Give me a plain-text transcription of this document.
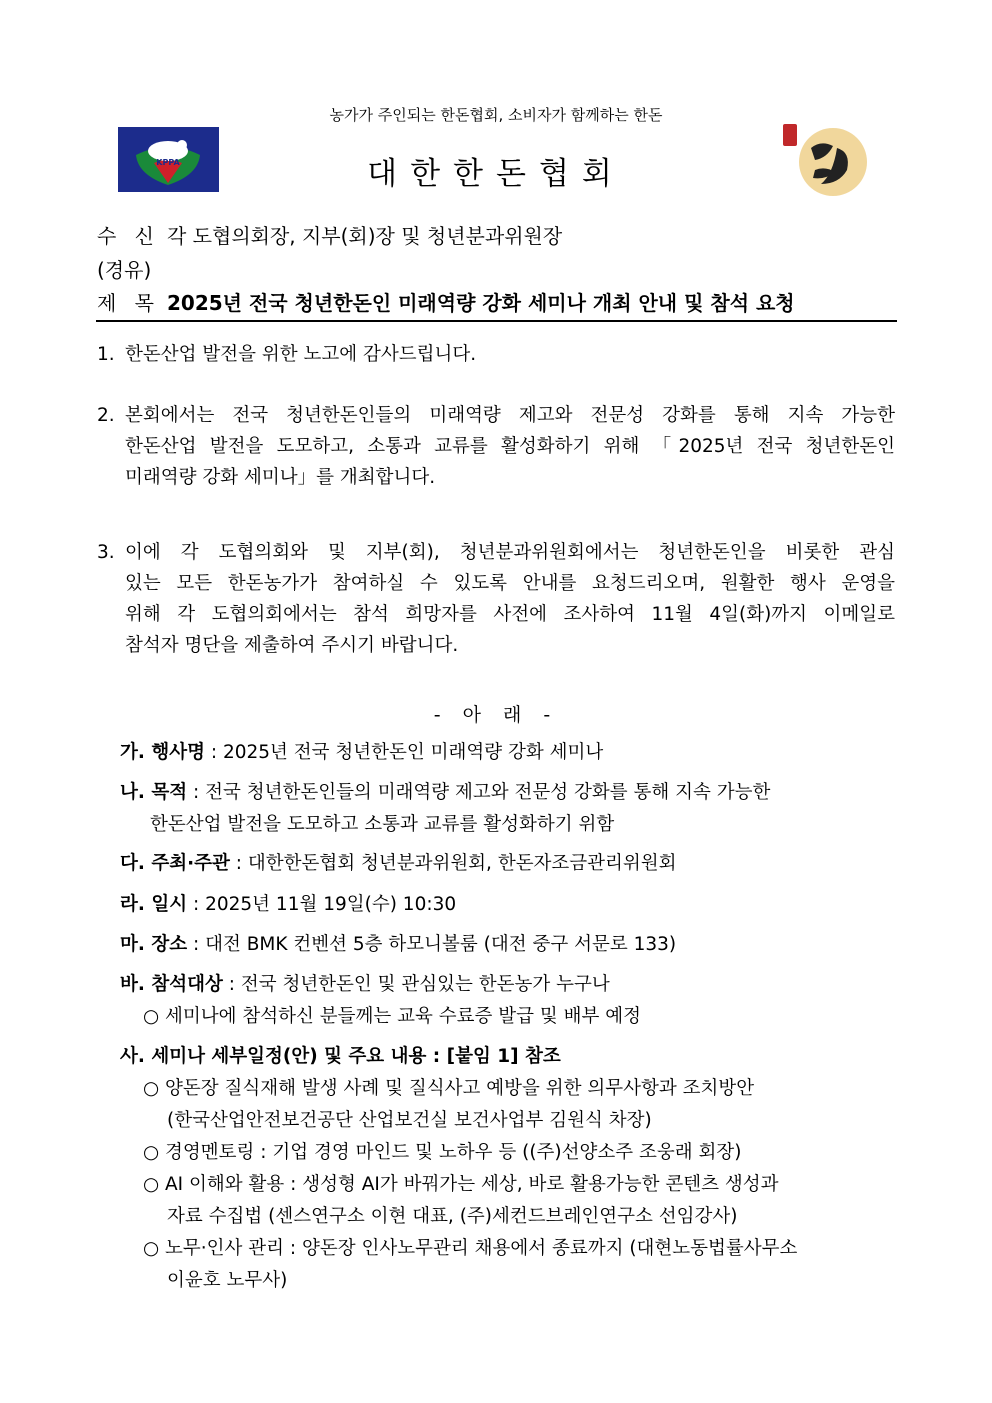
농가가 주인되는 한돈협회, 소비자가 함께하는 한돈
KPPA	대한한돈협회
수 신 각 도협의회장, 지부(회)장 및 청년분과위원장
(경유)
제 목 2025년 전국 청년한돈인 미래역량 강화 세미나 개최 안내 및 참석 요청
1. 한돈산업 발전을 위한 노고에 감사드립니다.
2. 본회에서는 전국 청년한돈인들의 미래역량 제고와 전문성 강화를 통해 지속 가능한
한돈산업 발전을 도모하고, 소통과 교류를 활성화하기 위해 「2025년 전국 청년한돈인
미래역량 강화 세미나」를 개최합니다.
3. 이에 각 도협의회와 및 지부(회), 청년분과위원회에서는 청년한돈인을 비롯한 관심
있는 모든 한돈농가가 참여하실 수 있도록 안내를 요청드리오며, 원활한 행사 운영을
위해 각 도협의회에서는 참석 희망자를 사전에 조사하여 11월 4일(화)까지 이메일로
참석자 명단을 제출하여 주시기 바랍니다.
- 아 래 -
가. 행사명 : 2025년 전국 청년한돈인 미래역량 강화 세미나
나. 목적 : 전국 청년한돈인들의 미래역량 제고와 전문성 강화를 통해 지속 가능한
한돈산업 발전을 도모하고 소통과 교류를 활성화하기 위함
다. 주최·주관 : 대한한돈협회 청년분과위원회, 한돈자조금관리위원회
라. 일시 : 2025년 11월 19일(수) 10:30
마. 장소 : 대전 BMK 컨벤션 5층 하모니볼룸 (대전 중구 서문로 133)
바. 참석대상 : 전국 청년한돈인 및 관심있는 한돈농가 누구나
○ 세미나에 참석하신 분들께는 교육 수료증 발급 및 배부 예정
사. 세미나 세부일정(안) 및 주요 내용 : [붙임 1] 참조
○ 양돈장 질식재해 발생 사례 및 질식사고 예방을 위한 의무사항과 조치방안
(한국산업안전보건공단 산업보건실 보건사업부 김원식 차장)
○ 경영멘토링 : 기업 경영 마인드 및 노하우 등 ((주)선양소주 조웅래 회장)
○ AI 이해와 활용 : 생성형 AI가 바꿔가는 세상, 바로 활용가능한 콘텐츠 생성과
자료 수집법 (센스연구소 이현 대표, (주)세컨드브레인연구소 선임강사)
○ 노무·인사 관리 : 양돈장 인사노무관리 채용에서 종료까지 (대현노동법률사무소
이윤호 노무사)
